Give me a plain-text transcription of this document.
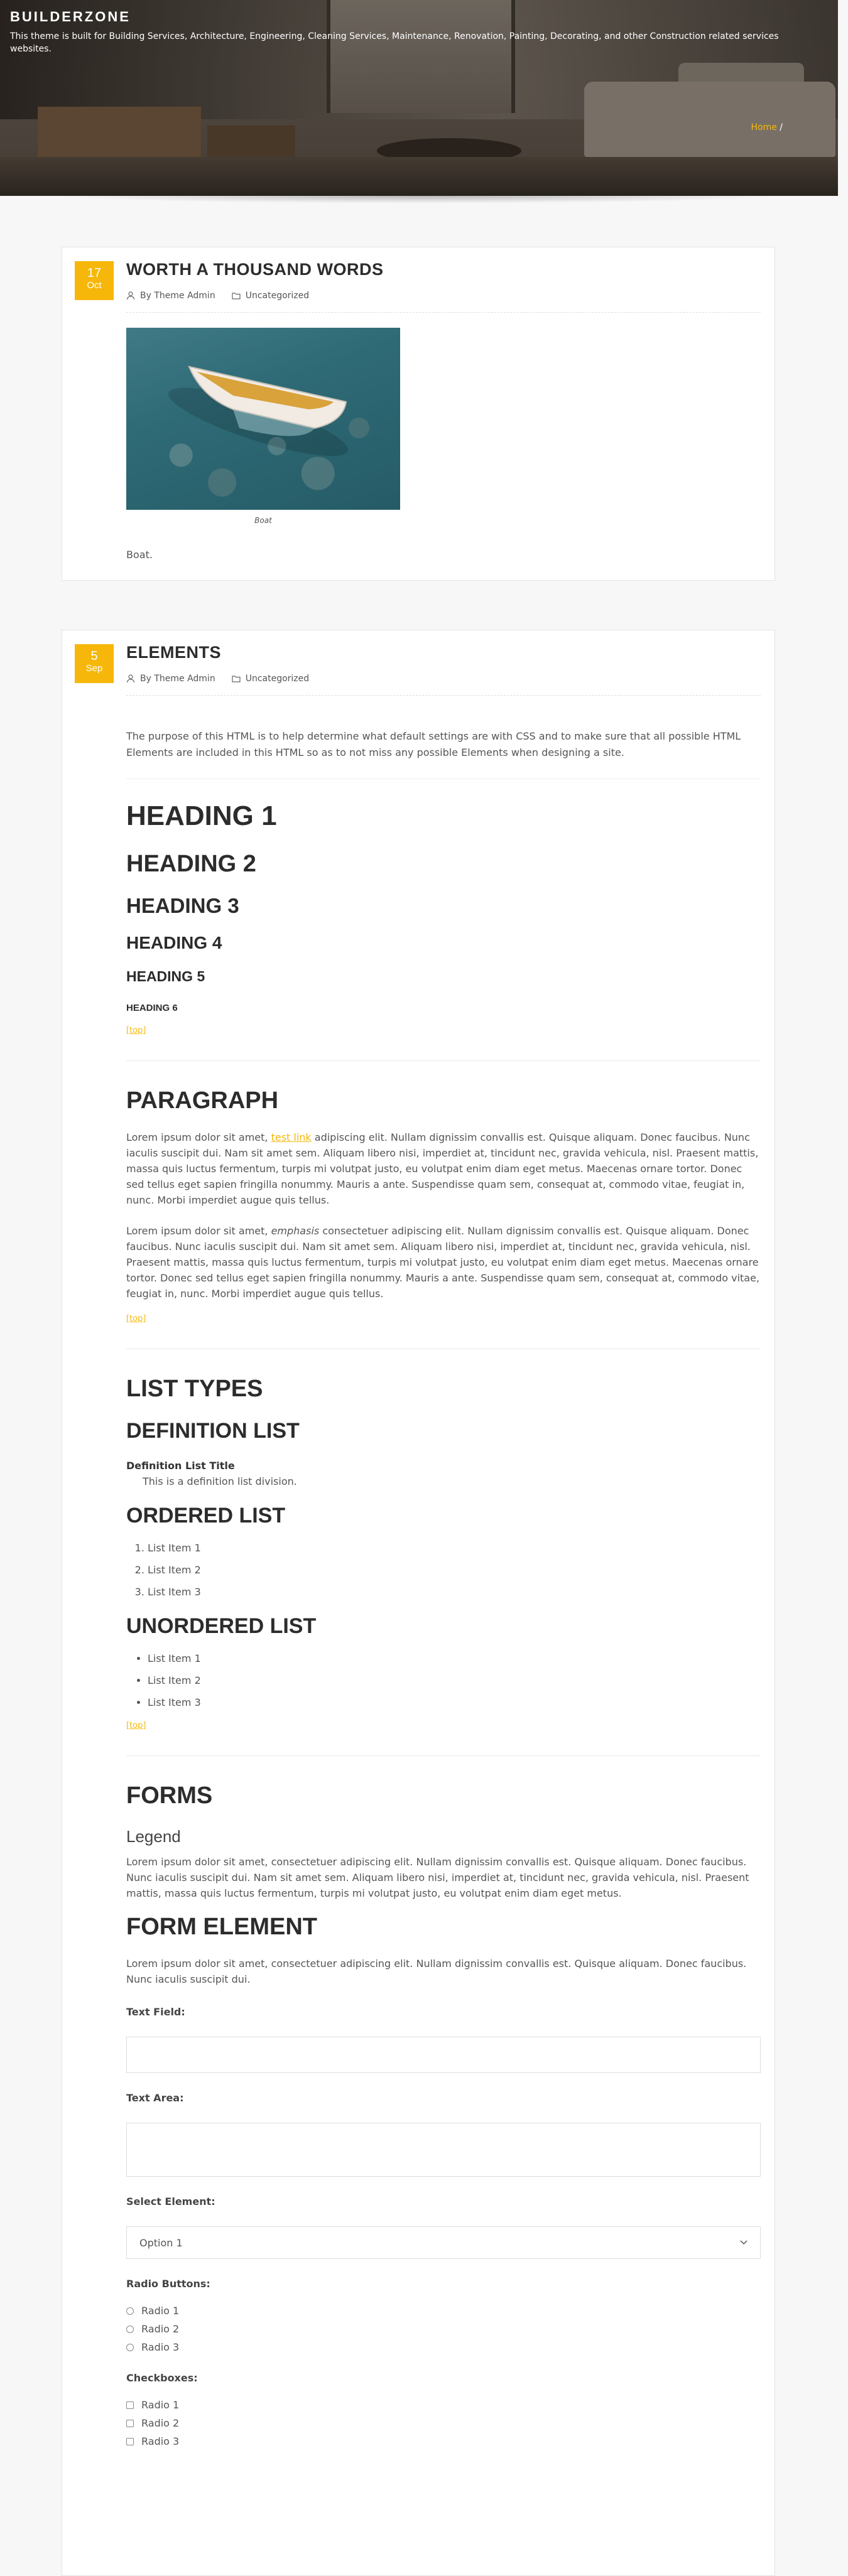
BUILDERZONE

This theme is built for Building Services, Architecture, Engineering, Cleaning Services, Maintenance, Renovation, Painting, Decorating, and other Construction related services websites.

Home /
17
Oct
WORTH A THOUSAND WORDS
By Theme Admin	Uncategorized
Boat

Boat.

5
Sep
ELEMENTS
By Theme Admin	Uncategorized

The purpose of this HTML is to help determine what default settings are with CSS and to make sure that all possible HTML Elements are included in this HTML so as to not miss any possible Elements when designing a site.

HEADING 1
HEADING 2
HEADING 3
HEADING 4
HEADING 5
HEADING 6
[top]
PARAGRAPH

Lorem ipsum dolor sit amet, test link adipiscing elit. Nullam dignissim convallis est. Quisque aliquam. Donec faucibus. Nunc iaculis suscipit dui. Nam sit amet sem. Aliquam libero nisi, imperdiet at, tincidunt nec, gravida vehicula, nisl. Praesent mattis, massa quis luctus fermentum, turpis mi volutpat justo, eu volutpat enim diam eget metus. Maecenas ornare tortor. Donec sed tellus eget sapien fringilla nonummy. Mauris a ante. Suspendisse quam sem, consequat at, commodo vitae, feugiat in, nunc. Morbi imperdiet augue quis tellus.

Lorem ipsum dolor sit amet, emphasis consectetuer adipiscing elit. Nullam dignissim convallis est. Quisque aliquam. Donec faucibus. Nunc iaculis suscipit dui. Nam sit amet sem. Aliquam libero nisi, imperdiet at, tincidunt nec, gravida vehicula, nisl. Praesent mattis, massa quis luctus fermentum, turpis mi volutpat justo, eu volutpat enim diam eget metus. Maecenas ornare tortor. Donec sed tellus eget sapien fringilla nonummy. Mauris a ante. Suspendisse quam sem, consequat at, commodo vitae, feugiat in, nunc. Morbi imperdiet augue quis tellus.

[top]
LIST TYPES
DEFINITION LIST
Definition List Title
This is a definition list division.
ORDERED LIST
1. List Item 1
2. List Item 2
3. List Item 3
UNORDERED LIST
• List Item 1
• List Item 2
• List Item 3
[top]
FORMS
Legend

Lorem ipsum dolor sit amet, consectetuer adipiscing elit. Nullam dignissim convallis est. Quisque aliquam. Donec faucibus. Nunc iaculis suscipit dui. Nam sit amet sem. Aliquam libero nisi, imperdiet at, tincidunt nec, gravida vehicula, nisl. Praesent mattis, massa quis luctus fermentum, turpis mi volutpat justo, eu volutpat enim diam eget metus.

FORM ELEMENT

Lorem ipsum dolor sit amet, consectetuer adipiscing elit. Nullam dignissim convallis est. Quisque aliquam. Donec faucibus. Nunc iaculis suscipit dui.

Text Field:
Text Area:
Select Element:
Option 1
Radio Buttons:
Radio 1
Radio 2
Radio 3
Checkboxes:
Radio 1
Radio 2
Radio 3
